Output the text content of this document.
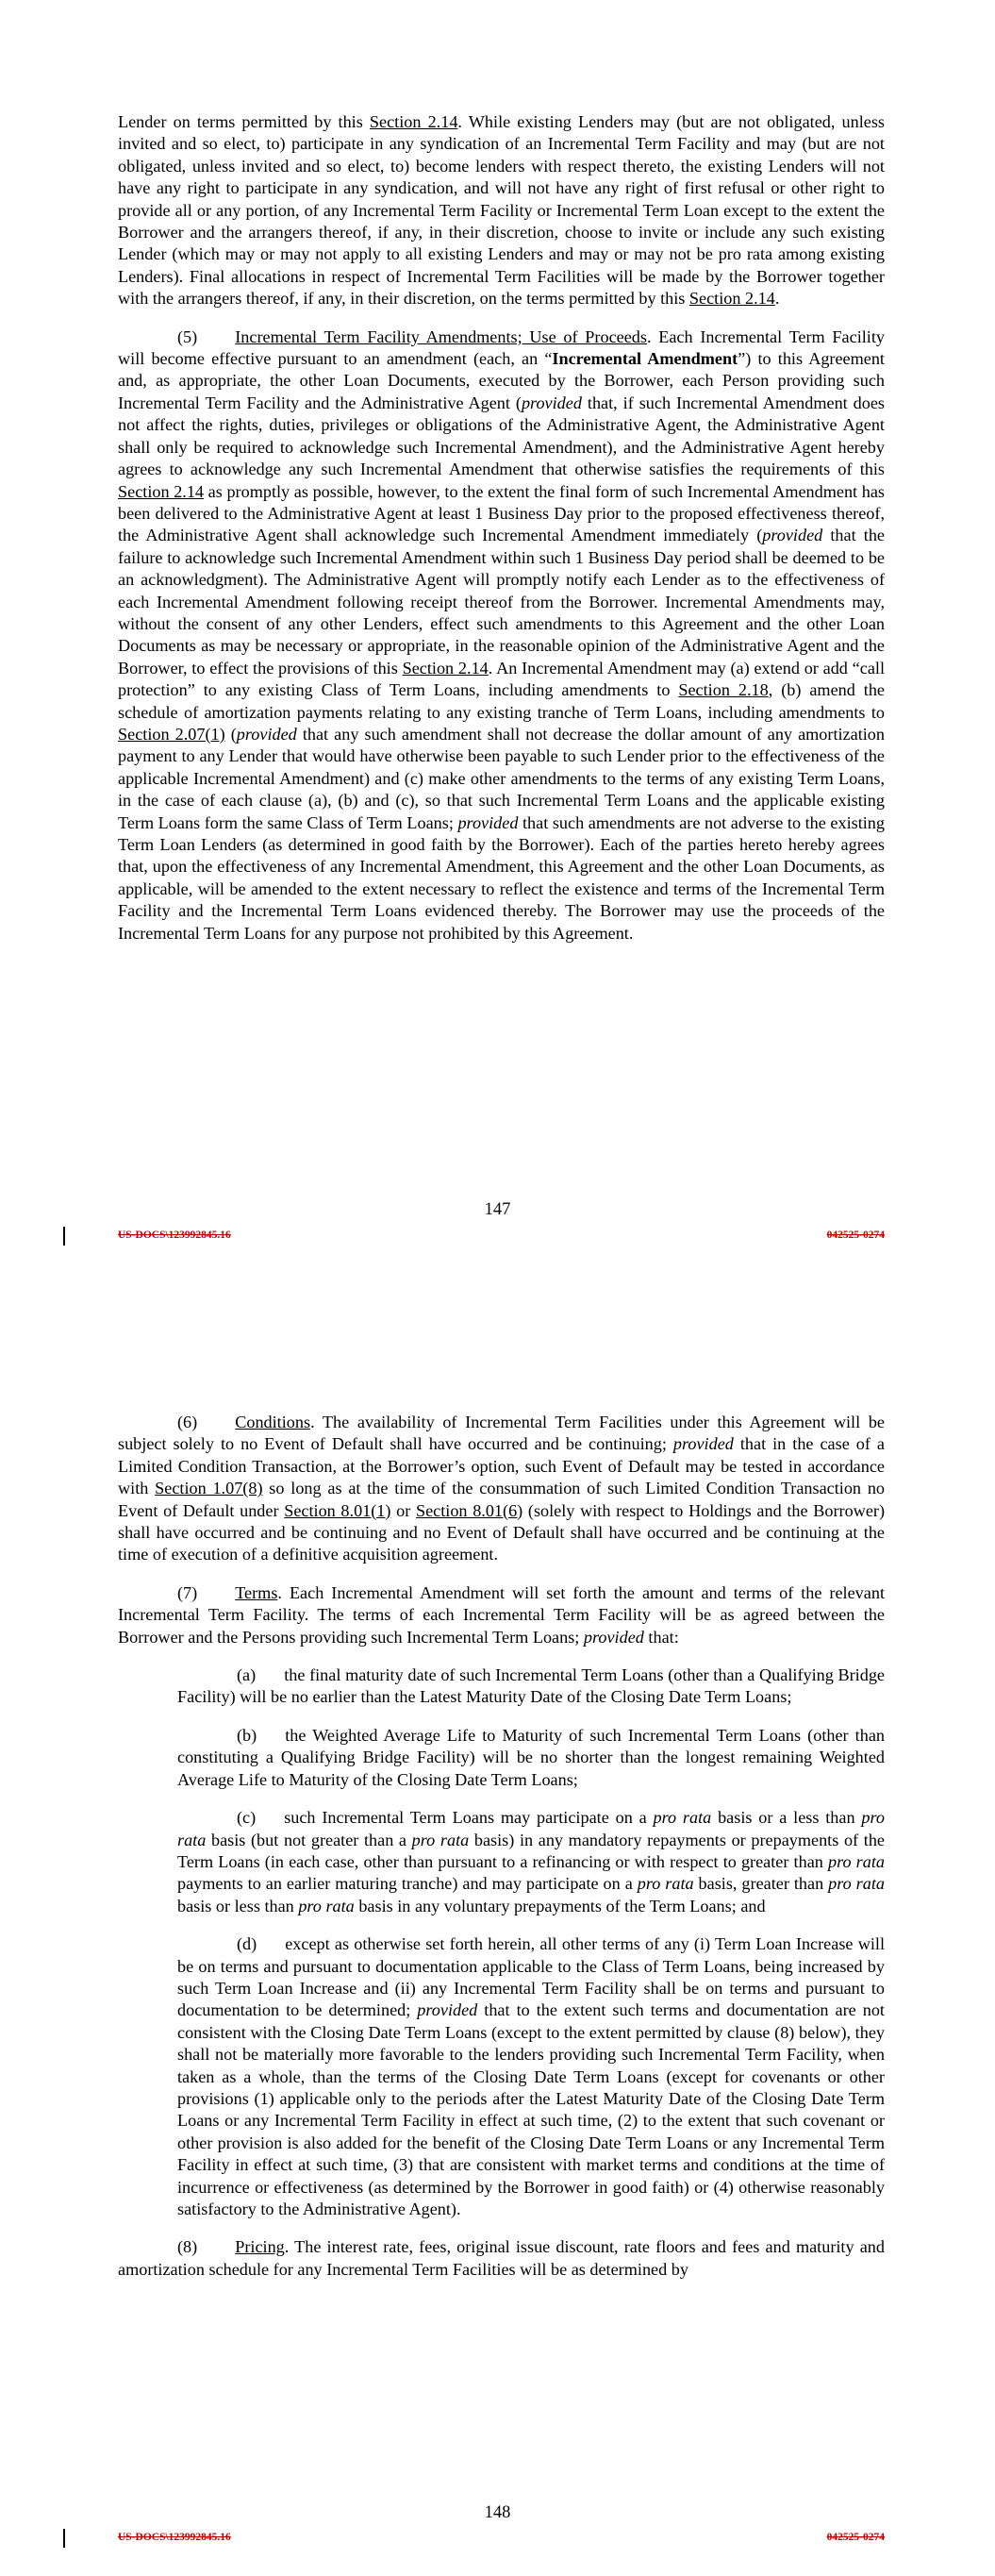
Lender on terms permitted by this Section 2.14. While existing Lenders may (but are not obligated, unless invited and so elect, to) participate in any syndication of an Incremental Term Facility and may (but are not obligated, unless invited and so elect, to) become lenders with respect thereto, the existing Lenders will not have any right to participate in any syndication, and will not have any right of first refusal or other right to provide all or any portion, of any Incremental Term Facility or Incremental Term Loan except to the extent the Borrower and the arrangers thereof, if any, in their discretion, choose to invite or include any such existing Lender (which may or may not apply to all existing Lenders and may or may not be pro rata among existing Lenders). Final allocations in respect of Incremental Term Facilities will be made by the Borrower together with the arrangers thereof, if any, in their discretion, on the terms permitted by this Section 2.14.

(5) Incremental Term Facility Amendments; Use of Proceeds. Each Incremental Term Facility will become effective pursuant to an amendment (each, an “Incremental Amendment”) to this Agreement and, as appropriate, the other Loan Documents, executed by the Borrower, each Person providing such Incremental Term Facility and the Administrative Agent (provided that, if such Incremental Amendment does not affect the rights, duties, privileges or obligations of the Administrative Agent, the Administrative Agent shall only be required to acknowledge such Incremental Amendment), and the Administrative Agent hereby agrees to acknowledge any such Incremental Amendment that otherwise satisfies the requirements of this Section 2.14 as promptly as possible, however, to the extent the final form of such Incremental Amendment has been delivered to the Administrative Agent at least 1 Business Day prior to the proposed effectiveness thereof, the Administrative Agent shall acknowledge such Incremental Amendment immediately (provided that the failure to acknowledge such Incremental Amendment within such 1 Business Day period shall be deemed to be an acknowledgment). The Administrative Agent will promptly notify each Lender as to the effectiveness of each Incremental Amendment following receipt thereof from the Borrower. Incremental Amendments may, without the consent of any other Lenders, effect such amendments to this Agreement and the other Loan Documents as may be necessary or appropriate, in the reasonable opinion of the Administrative Agent and the Borrower, to effect the provisions of this Section 2.14. An Incremental Amendment may (a) extend or add “call protection” to any existing Class of Term Loans, including amendments to Section 2.18, (b) amend the schedule of amortization payments relating to any existing tranche of Term Loans, including amendments to Section 2.07(1) (provided that any such amendment shall not decrease the dollar amount of any amortization payment to any Lender that would have otherwise been payable to such Lender prior to the effectiveness of the applicable Incremental Amendment) and (c) make other amendments to the terms of any existing Term Loans, in the case of each clause (a), (b) and (c), so that such Incremental Term Loans and the applicable existing Term Loans form the same Class of Term Loans; provided that such amendments are not adverse to the existing Term Loan Lenders (as determined in good faith by the Borrower). Each of the parties hereto hereby agrees that, upon the effectiveness of any Incremental Amendment, this Agreement and the other Loan Documents, as applicable, will be amended to the extent necessary to reflect the existence and terms of the Incremental Term Facility and the Incremental Term Loans evidenced thereby. The Borrower may use the proceeds of the Incremental Term Loans for any purpose not prohibited by this Agreement.

147
US-DOCS\123992845.16	042525-0274

(6) Conditions. The availability of Incremental Term Facilities under this Agreement will be subject solely to no Event of Default shall have occurred and be continuing; provided that in the case of a Limited Condition Transaction, at the Borrower’s option, such Event of Default may be tested in accordance with Section 1.07(8) so long as at the time of the consummation of such Limited Condition Transaction no Event of Default under Section 8.01(1) or Section 8.01(6) (solely with respect to Holdings and the Borrower) shall have occurred and be continuing and no Event of Default shall have occurred and be continuing at the time of execution of a definitive acquisition agreement.

(7) Terms. Each Incremental Amendment will set forth the amount and terms of the relevant Incremental Term Facility. The terms of each Incremental Term Facility will be as agreed between the Borrower and the Persons providing such Incremental Term Loans; provided that:

(a) the final maturity date of such Incremental Term Loans (other than a Qualifying Bridge Facility) will be no earlier than the Latest Maturity Date of the Closing Date Term Loans;

(b) the Weighted Average Life to Maturity of such Incremental Term Loans (other than constituting a Qualifying Bridge Facility) will be no shorter than the longest remaining Weighted Average Life to Maturity of the Closing Date Term Loans;

(c) such Incremental Term Loans may participate on a pro rata basis or a less than pro rata basis (but not greater than a pro rata basis) in any mandatory repayments or prepayments of the Term Loans (in each case, other than pursuant to a refinancing or with respect to greater than pro rata payments to an earlier maturing tranche) and may participate on a pro rata basis, greater than pro rata basis or less than pro rata basis in any voluntary prepayments of the Term Loans; and

(d) except as otherwise set forth herein, all other terms of any (i) Term Loan Increase will be on terms and pursuant to documentation applicable to the Class of Term Loans, being increased by such Term Loan Increase and (ii) any Incremental Term Facility shall be on terms and pursuant to documentation to be determined; provided that to the extent such terms and documentation are not consistent with the Closing Date Term Loans (except to the extent permitted by clause (8) below), they shall not be materially more favorable to the lenders providing such Incremental Term Facility, when taken as a whole, than the terms of the Closing Date Term Loans (except for covenants or other provisions (1) applicable only to the periods after the Latest Maturity Date of the Closing Date Term Loans or any Incremental Term Facility in effect at such time, (2) to the extent that such covenant or other provision is also added for the benefit of the Closing Date Term Loans or any Incremental Term Facility in effect at such time, (3) that are consistent with market terms and conditions at the time of incurrence or effectiveness (as determined by the Borrower in good faith) or (4) otherwise reasonably satisfactory to the Administrative Agent).

(8) Pricing. The interest rate, fees, original issue discount, rate floors and fees and maturity and amortization schedule for any Incremental Term Facilities will be as determined by

148
US-DOCS\123992845.16	042525-0274
